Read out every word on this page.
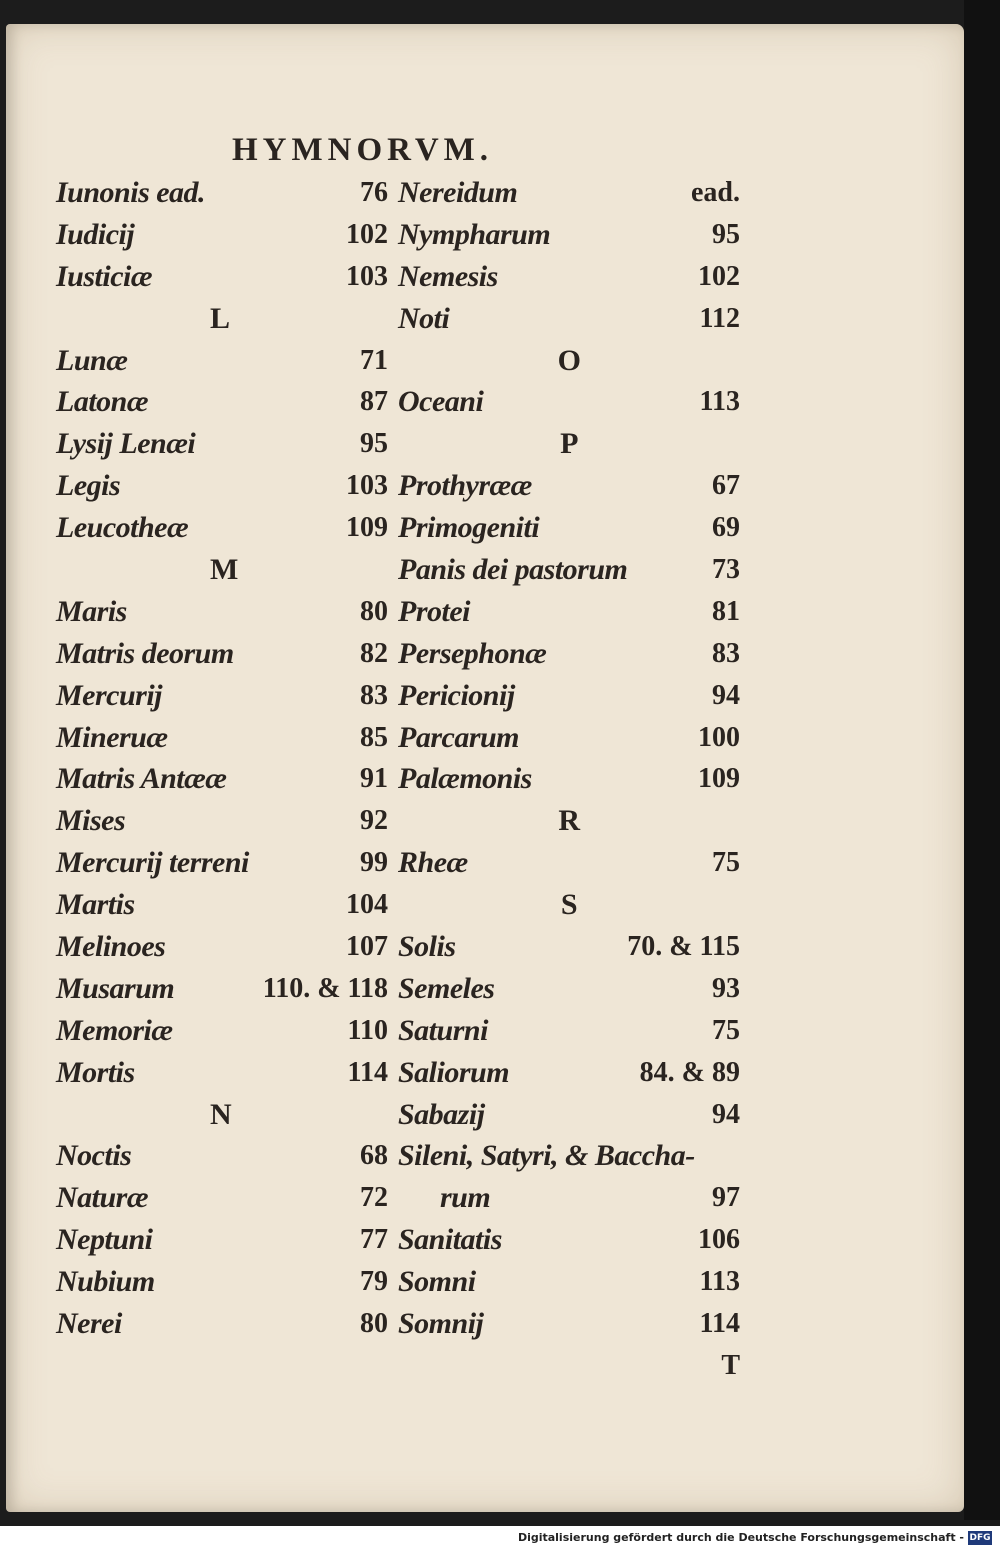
HYMNORVM.
Iunonis ead.	76
Iudicij	102
Iusticiæ	103
L
Lunæ	71
Latonæ	87
Lysij Lenæi	95
Legis	103
Leucotheæ	109
M
Maris	80
Matris deorum	82
Mercurij	83
Mineruæ	85
Matris Antææ	91
Mises	92
Mercurij terreni	99
Martis	104
Melinoes	107
Musarum	110. & 118
Memoriæ	110
Mortis	114
N
Noctis	68
Naturæ	72
Neptuni	77
Nubium	79
Nerei	80
Nereidum	ead.
Nympharum	95
Nemesis	102
Noti	112
O
Oceani	113
P
Prothyrææ	67
Primogeniti	69
Panis dei pastorum	73
Protei	81
Persephonæ	83
Pericionij	94
Parcarum	100
Palæmonis	109
R
Rheæ	75
S
Solis	70. & 115
Semeles	93
Saturni	75
Saliorum	84. & 89
Sabazij	94
Sileni, Satyri, & Baccha-
rum	97
Sanitatis	106
Somni	113
Somnij	114
T
Digitalisierung gefördert durch die Deutsche Forschungsgemeinschaft - DFG
